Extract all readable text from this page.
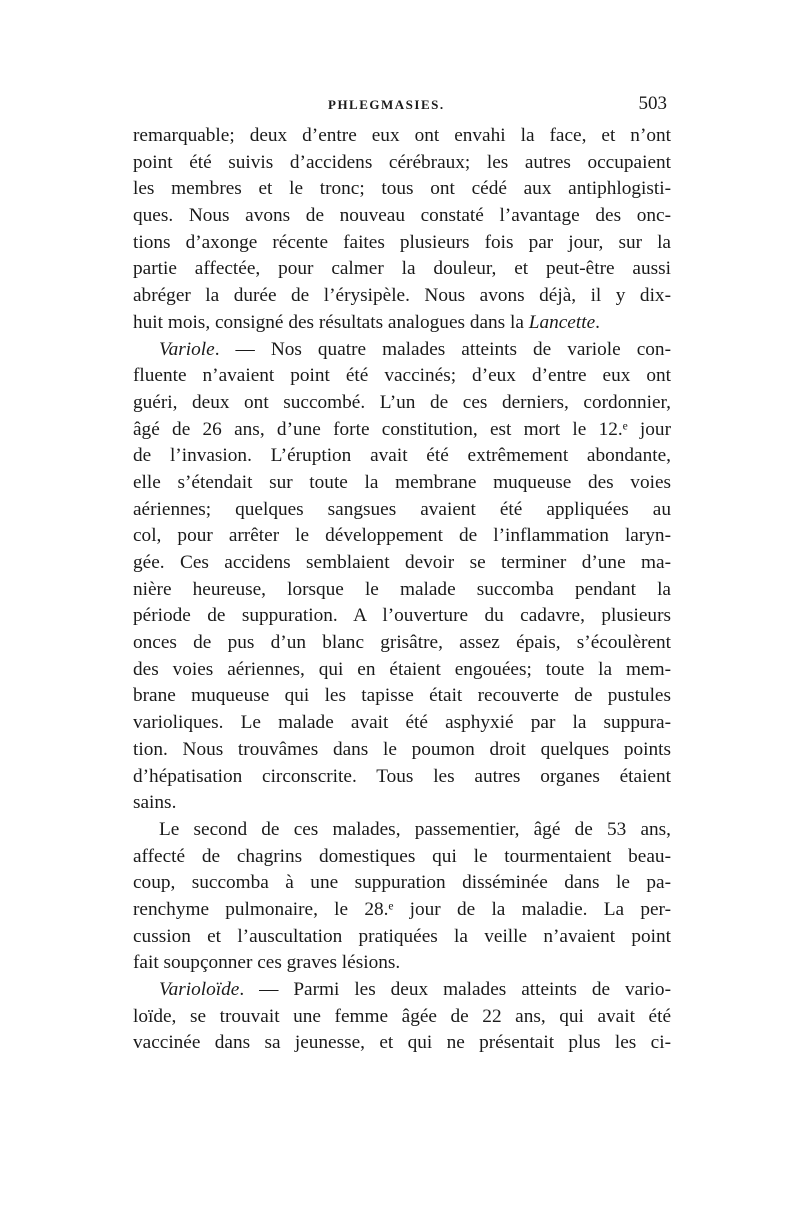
PHLEGMASIES.	503
remarquable; deux d’entre eux ont envahi la face, et n’ont
point été suivis d’accidens cérébraux; les autres occupaient
les membres et le tronc; tous ont cédé aux antiphlogisti-
ques. Nous avons de nouveau constaté l’avantage des onc-
tions d’axonge récente faites plusieurs fois par jour, sur la
partie affectée, pour calmer la douleur, et peut-être aussi
abréger la durée de l’érysipèle. Nous avons déjà, il y dix-
huit mois, consigné des résultats analogues dans la Lancette.
Variole. — Nos quatre malades atteints de variole con-
fluente n’avaient point été vaccinés; d’eux d’entre eux ont
guéri, deux ont succombé. L’un de ces derniers, cordonnier,
âgé de 26 ans, d’une forte constitution, est mort le 12.ᵉ jour
de l’invasion. L’éruption avait été extrêmement abondante,
elle s’étendait sur toute la membrane muqueuse des voies
aériennes; quelques sangsues avaient été appliquées au
col, pour arrêter le développement de l’inflammation laryn-
gée. Ces accidens semblaient devoir se terminer d’une ma-
nière heureuse, lorsque le malade succomba pendant la
période de suppuration. A l’ouverture du cadavre, plusieurs
onces de pus d’un blanc grisâtre, assez épais, s’écoulèrent
des voies aériennes, qui en étaient engouées; toute la mem-
brane muqueuse qui les tapisse était recouverte de pustules
varioliques. Le malade avait été asphyxié par la suppura-
tion. Nous trouvâmes dans le poumon droit quelques points
d’hépatisation circonscrite. Tous les autres organes étaient
sains.
Le second de ces malades, passementier, âgé de 53 ans,
affecté de chagrins domestiques qui le tourmentaient beau-
coup, succomba à une suppuration disséminée dans le pa-
renchyme pulmonaire, le 28.ᵉ jour de la maladie. La per-
cussion et l’auscultation pratiquées la veille n’avaient point
fait soupçonner ces graves lésions.
Varioloïde. — Parmi les deux malades atteints de vario-
loïde, se trouvait une femme âgée de 22 ans, qui avait été
vaccinée dans sa jeunesse, et qui ne présentait plus les ci-
